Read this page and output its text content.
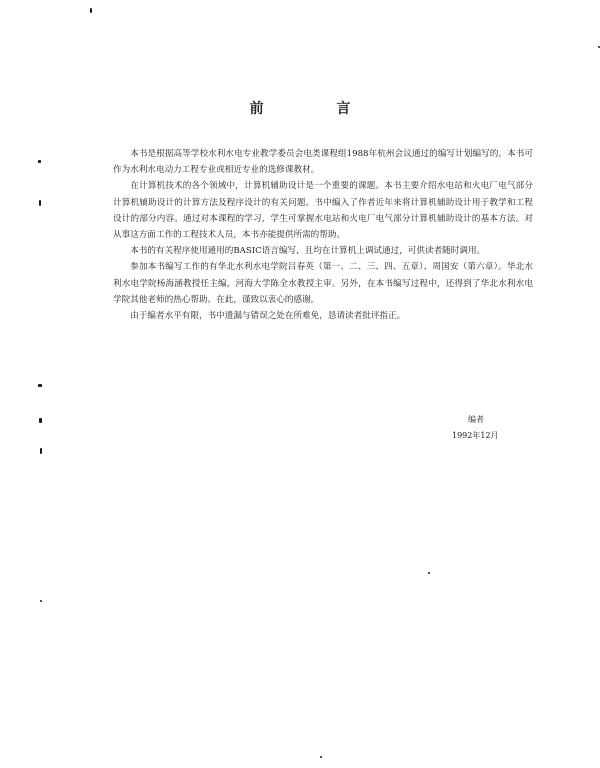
前 言

本书是根据高等学校水利水电专业教学委员会电类课程组1988年杭州会议通过的编写计划编写的。本书可作为水利水电动力工程专业或相近专业的选修课教材。

在计算机技术的各个领域中，计算机辅助设计是一个重要的课题。本书主要介绍水电站和火电厂电气部分计算机辅助设计的计算方法及程序设计的有关问题。书中编入了作者近年来将计算机辅助设计用于教学和工程设计的部分内容。通过对本课程的学习，学生可掌握水电站和火电厂电气部分计算机辅助设计的基本方法。对从事这方面工作的工程技术人员，本书亦能提供所需的帮助。

本书的有关程序使用通用的BASIC语言编写，且均在计算机上调试通过，可供读者随时调用。

参加本书编写工作的有华北水利水电学院吕春英（第一、二、三、四、五章）、周国安（第六章）。华北水利水电学院杨海涵教授任主编，河海大学陈全水教授主审。另外，在本书编写过程中，还得到了华北水利水电学院其他老师的热心帮助。在此，谨致以衷心的感谢。

由于编者水平有限，书中遗漏与错误之处在所难免，恳请读者批评指正。

编者
1992年12月
